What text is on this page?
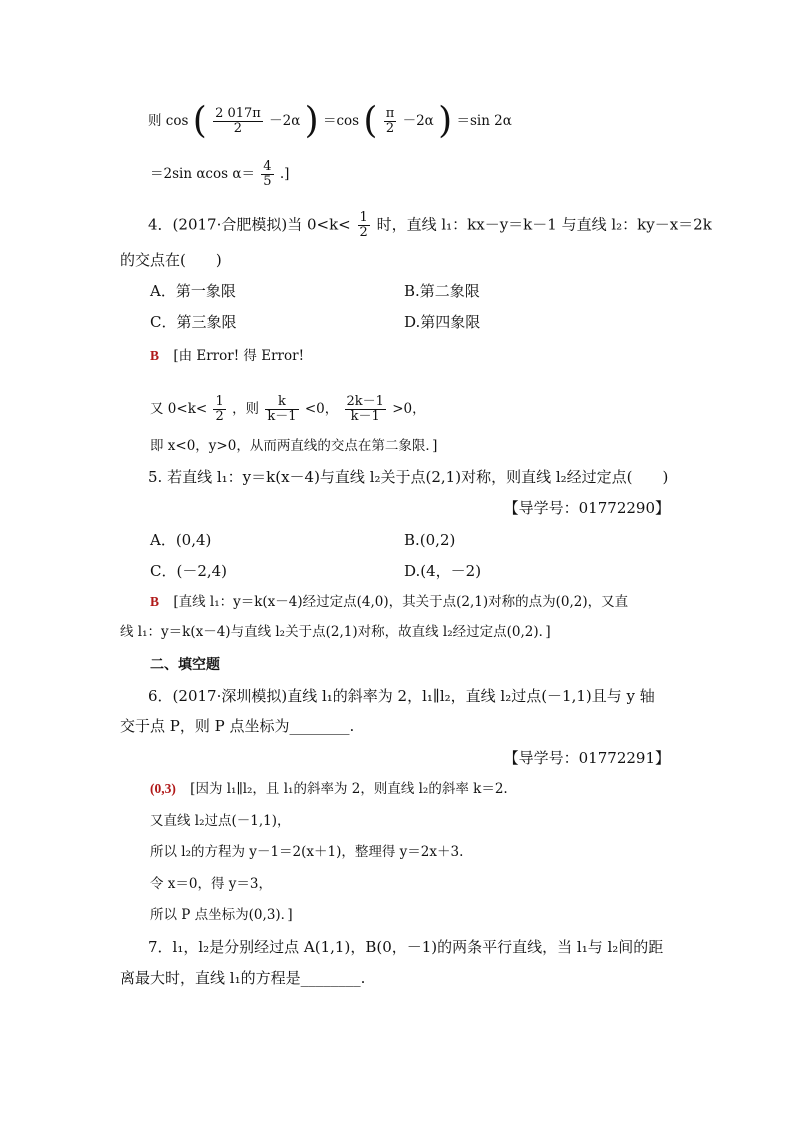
则 cos ( $\frac{2 017\pi}{2} -2\alpha$ ) ＝cos ( $\frac{\pi}{2} -2\alpha$ ) ＝sin 2α
＝2sin αcos $\alpha= \frac{4}{5}$ .]
4．(2017·合肥模拟)当 $0<k< \frac{1}{2}$ 时，直线 l₁：kx－y＝k－1 与直线 l₂：ky－x＝2k
的交点在(　　)
A．第一象限	B.第二象限
C．第三象限	D.第四象限
B [由 Error! 得 Error!
又 $0<k< \frac{1}{2}$ ，则 $\frac{k}{k-1} <0$， $\frac{2k-1}{k-1} >0$，
即 x<0，y>0，从而两直线的交点在第二象限．]
5. 若直线 l₁：y＝k(x－4)与直线 l₂关于点(2,1)对称，则直线 l₂经过定点(　　)
【导学号：01772290】
A．(0,4)	B.(0,2)
C．(－2,4)	D.(4，－2)
B [直线 l₁：y＝k(x－4)经过定点(4,0)，其关于点(2,1)对称的点为(0,2)，又直
线 l₁：y＝k(x－4)与直线 l₂关于点(2,1)对称，故直线 l₂经过定点(0,2)．]
二、填空题
6．(2017·深圳模拟)直线 l₁的斜率为 2，l₁∥l₂，直线 l₂过点(－1,1)且与 y 轴
交于点 P，则 P 点坐标为________.
【导学号：01772291】
(0,3) [因为 l₁∥l₂，且 l₁的斜率为 2，则直线 l₂的斜率 k＝2.
又直线 l₂过点(－1,1)，
所以 l₂的方程为 y－1＝2(x＋1)，整理得 y＝2x＋3.
令 x＝0，得 y＝3，
所以 P 点坐标为(0,3)．]
7．l₁，l₂是分别经过点 A(1,1)，B(0，－1)的两条平行直线，当 l₁与 l₂间的距
离最大时，直线 l₁的方程是________.
